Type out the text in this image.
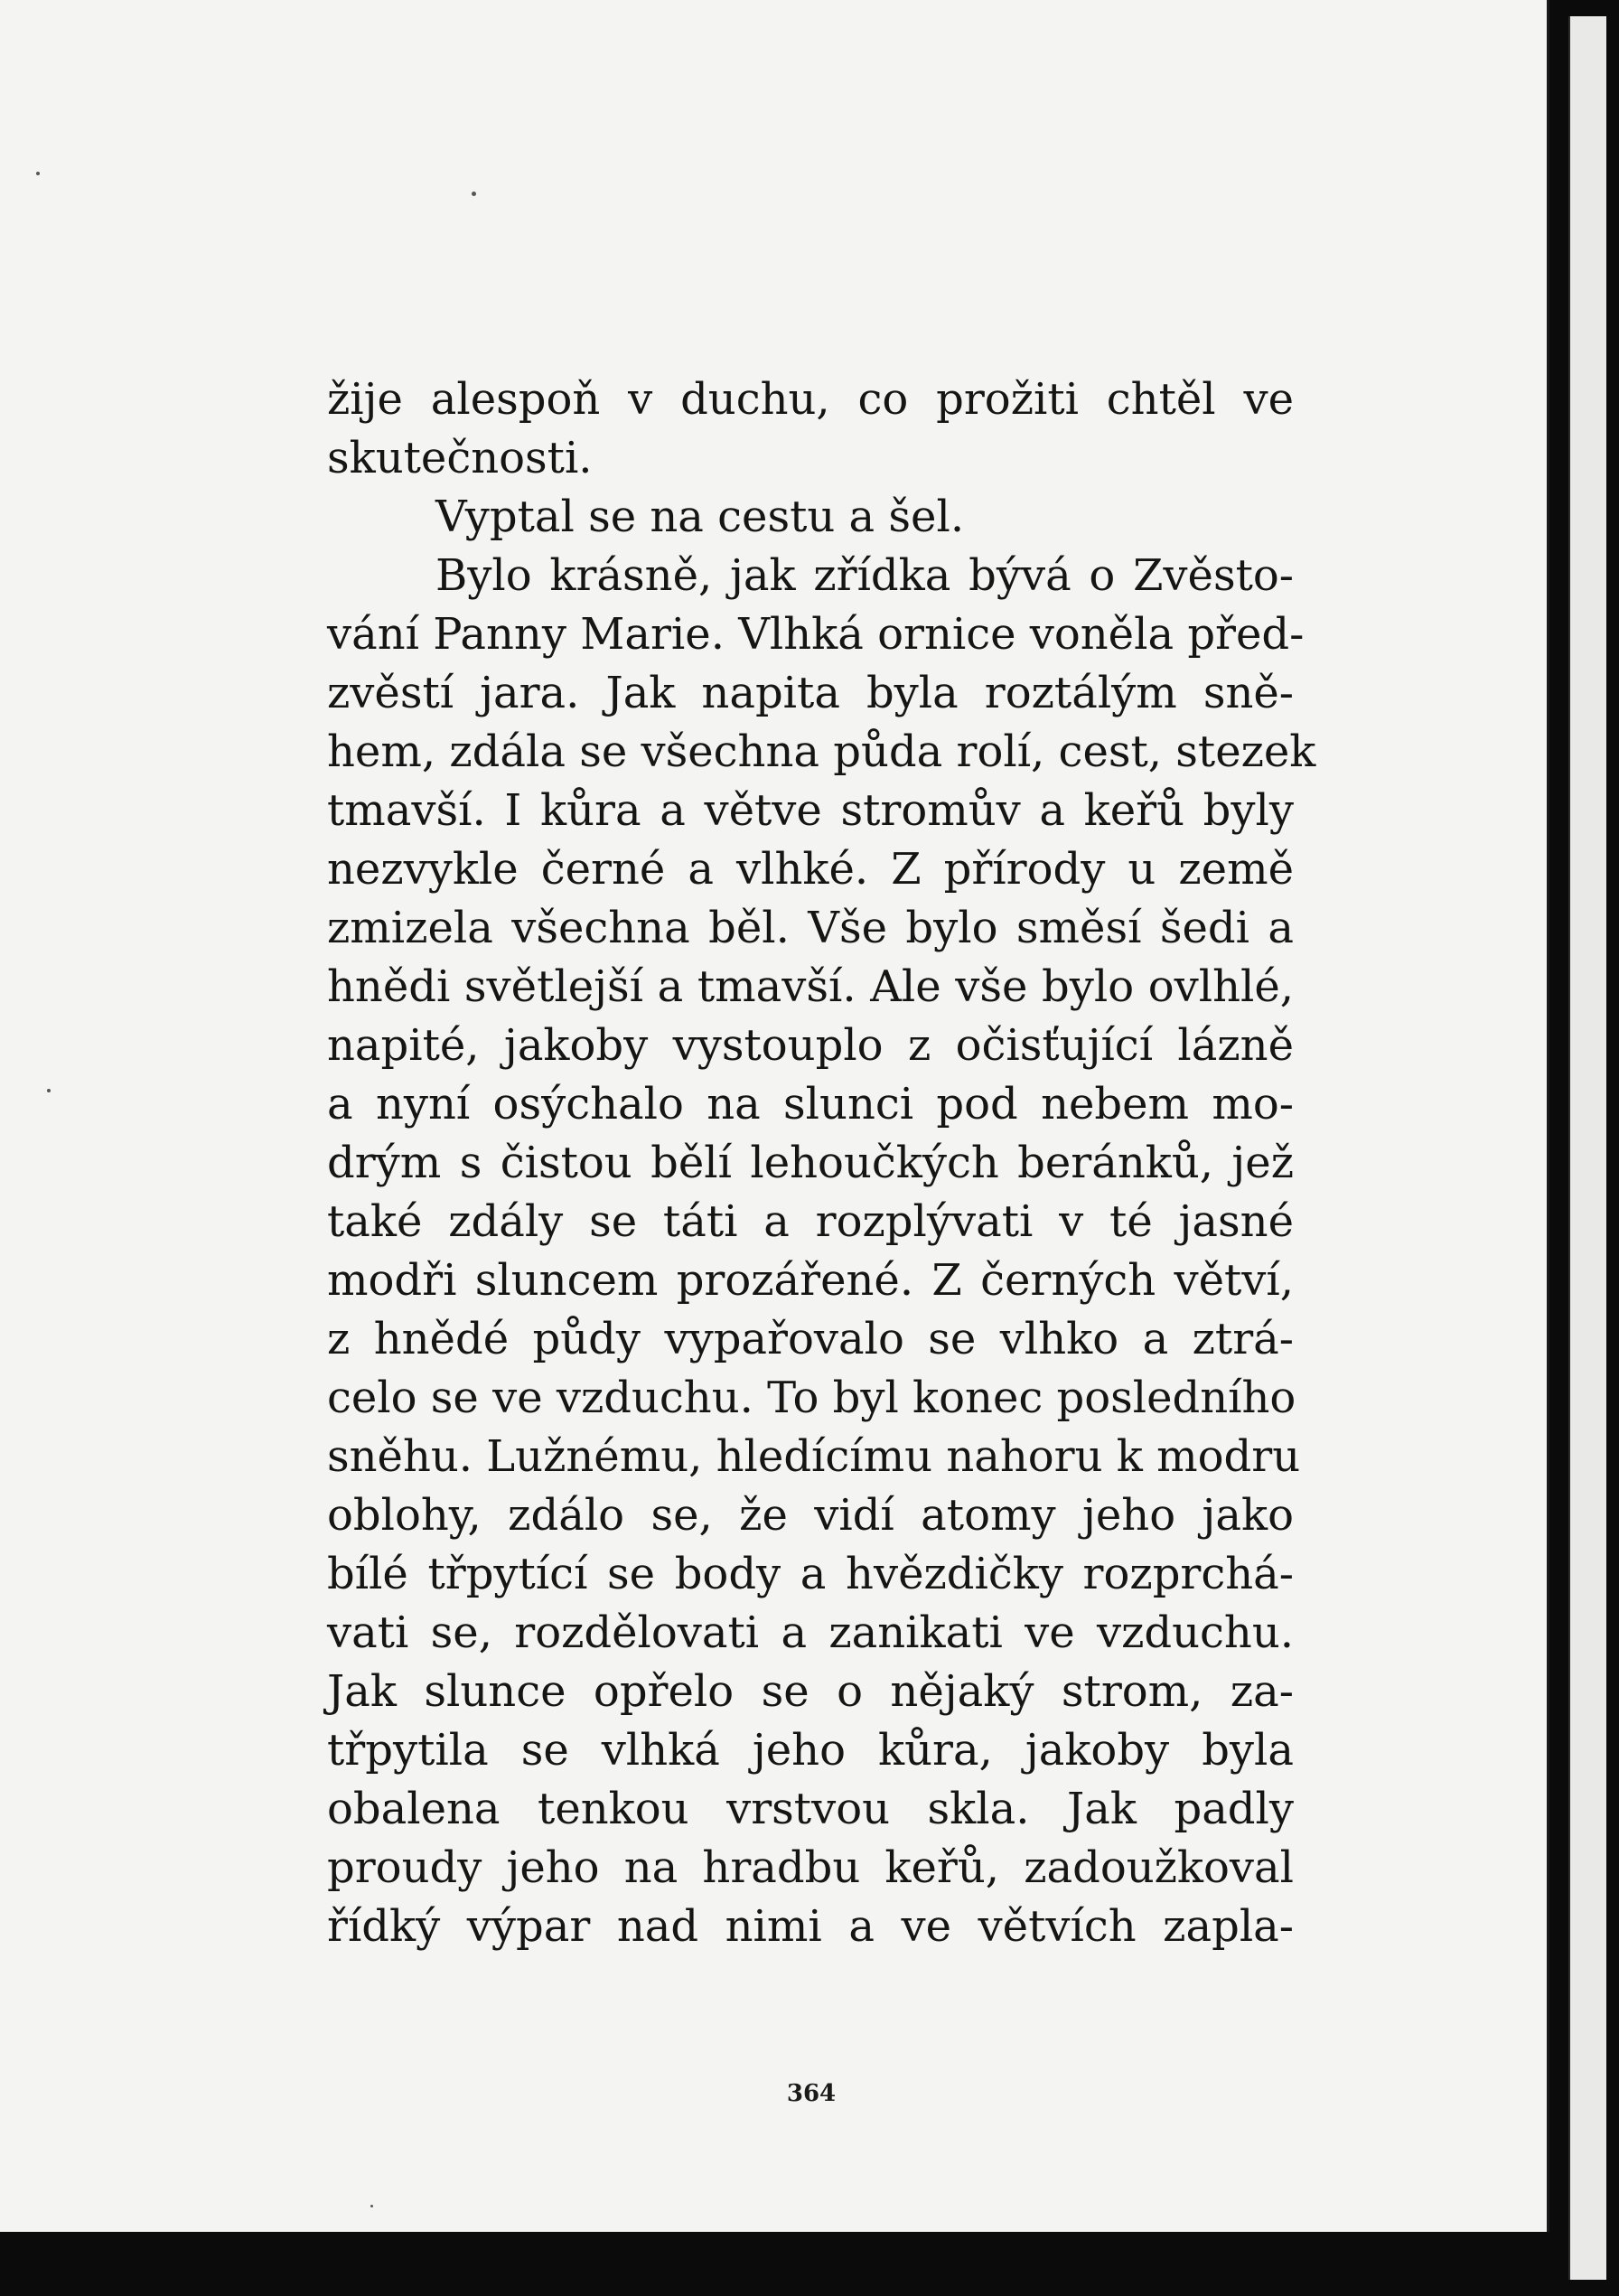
žije alespoň v duchu, co prožiti chtěl ve
skutečnosti.
Vyptal se na cestu a šel.
Bylo krásně, jak zřídka bývá o Zvěsto-
vání Panny Marie. Vlhká ornice voněla před-
zvěstí jara. Jak napita byla roztálým sně-
hem, zdála se všechna půda rolí, cest, stezek
tmavší. I kůra a větve stromův a keřů byly
nezvykle černé a vlhké. Z přírody u země
zmizela všechna běl. Vše bylo směsí šedi a
hnědi světlejší a tmavší. Ale vše bylo ovlhlé,
napité, jakoby vystouplo z očisťující lázně
a nyní osýchalo na slunci pod nebem mo-
drým s čistou bělí lehoučkých beránků, jež
také zdály se táti a rozplývati v té jasné
modři sluncem prozářené. Z černých větví,
z hnědé půdy vypařovalo se vlhko a ztrá-
celo se ve vzduchu. To byl konec posledního
sněhu. Lužnému, hledícímu nahoru k modru
oblohy, zdálo se, že vidí atomy jeho jako
bílé třpytící se body a hvězdičky rozprchá-
vati se, rozdělovati a zanikati ve vzduchu.
Jak slunce opřelo se o nějaký strom, za-
třpytila se vlhká jeho kůra, jakoby byla
obalena tenkou vrstvou skla. Jak padly
proudy jeho na hradbu keřů, zadoužkoval
řídký výpar nad nimi a ve větvích zapla-
364
